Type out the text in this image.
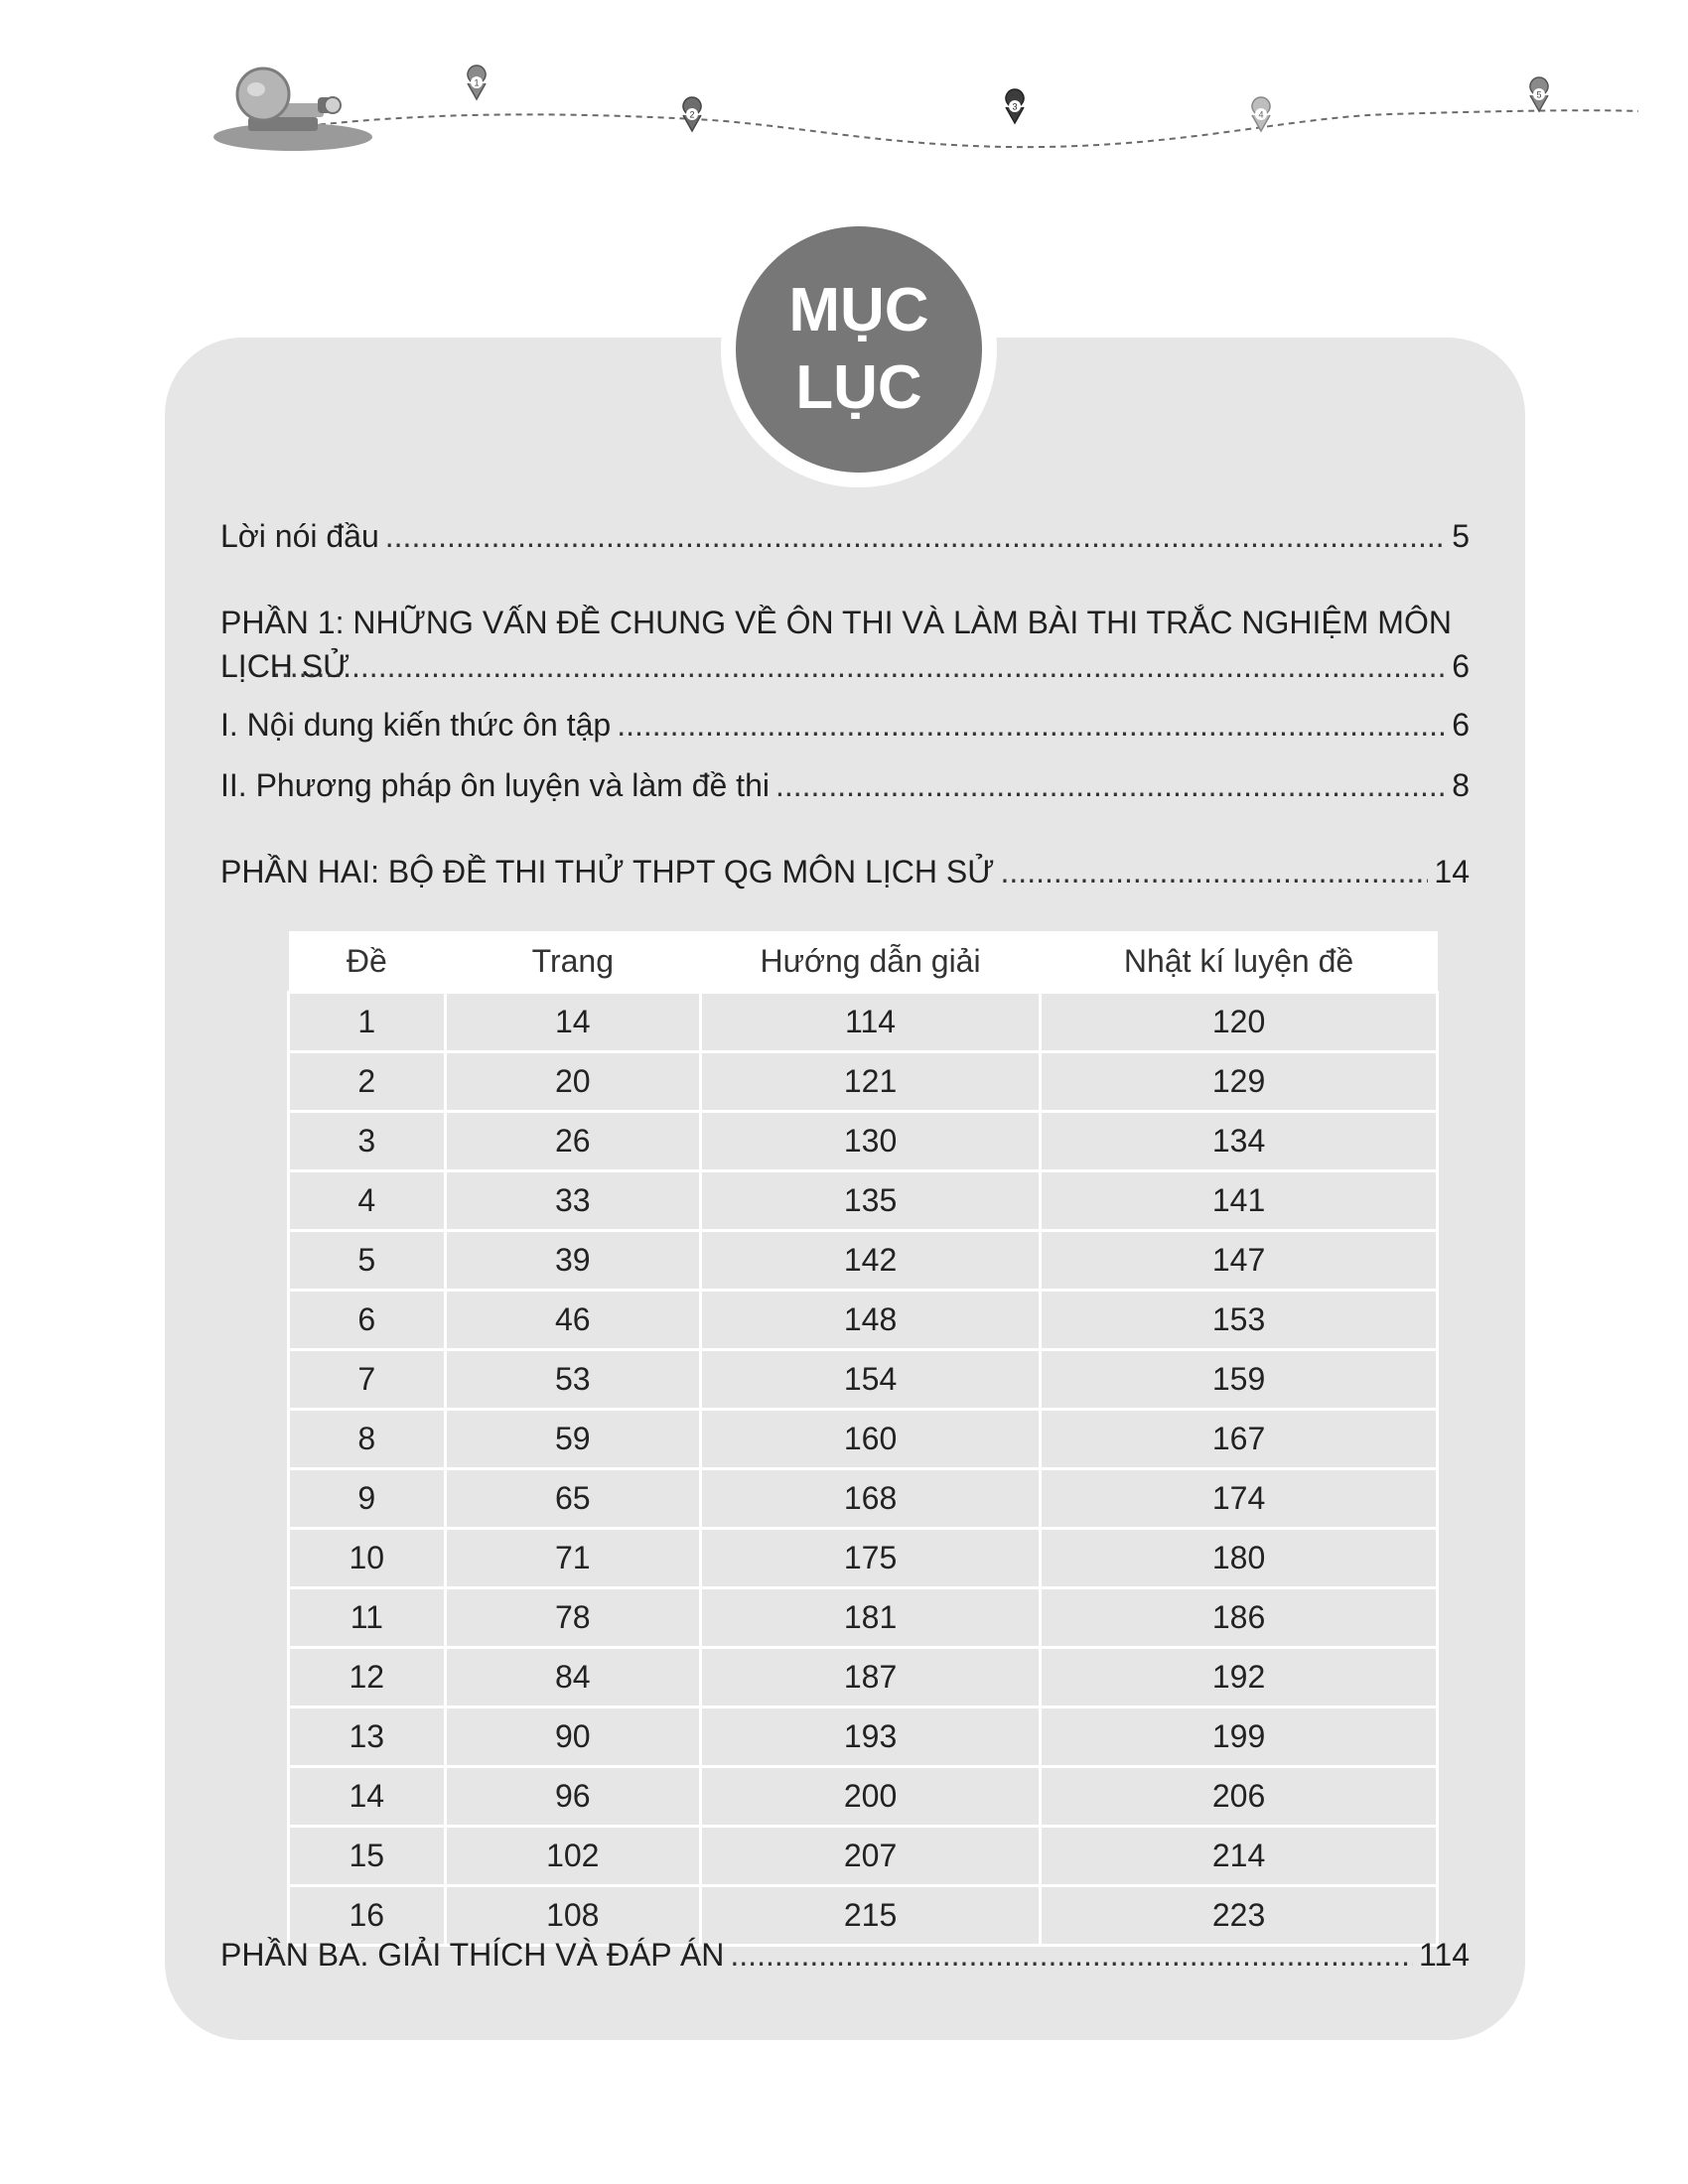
1
2
3
4
5
MỤC
LỤC
Lời nói đầu .....	5
PHẦN 1: NHỮNG VẤN ĐỀ CHUNG VỀ ÔN THI VÀ LÀM BÀI THI TRẮC NGHIỆM MÔN LỊCH SỬ .....	6
I. Nội dung kiến thức ôn tập .....	6
II. Phương pháp ôn luyện và làm đề thi .....	8
PHẦN HAI: BỘ ĐỀ THI THỬ THPT QG MÔN LỊCH SỬ .....	14
Đề	Trang	Hướng dẫn giải	Nhật kí luyện đề
1	14	114	120
2	20	121	129
3	26	130	134
4	33	135	141
5	39	142	147
6	46	148	153
7	53	154	159
8	59	160	167
9	65	168	174
10	71	175	180
11	78	181	186
12	84	187	192
13	90	193	199
14	96	200	206
15	102	207	214
16	108	215	223
PHẦN BA. GIẢI THÍCH VÀ ĐÁP ÁN .....	114
